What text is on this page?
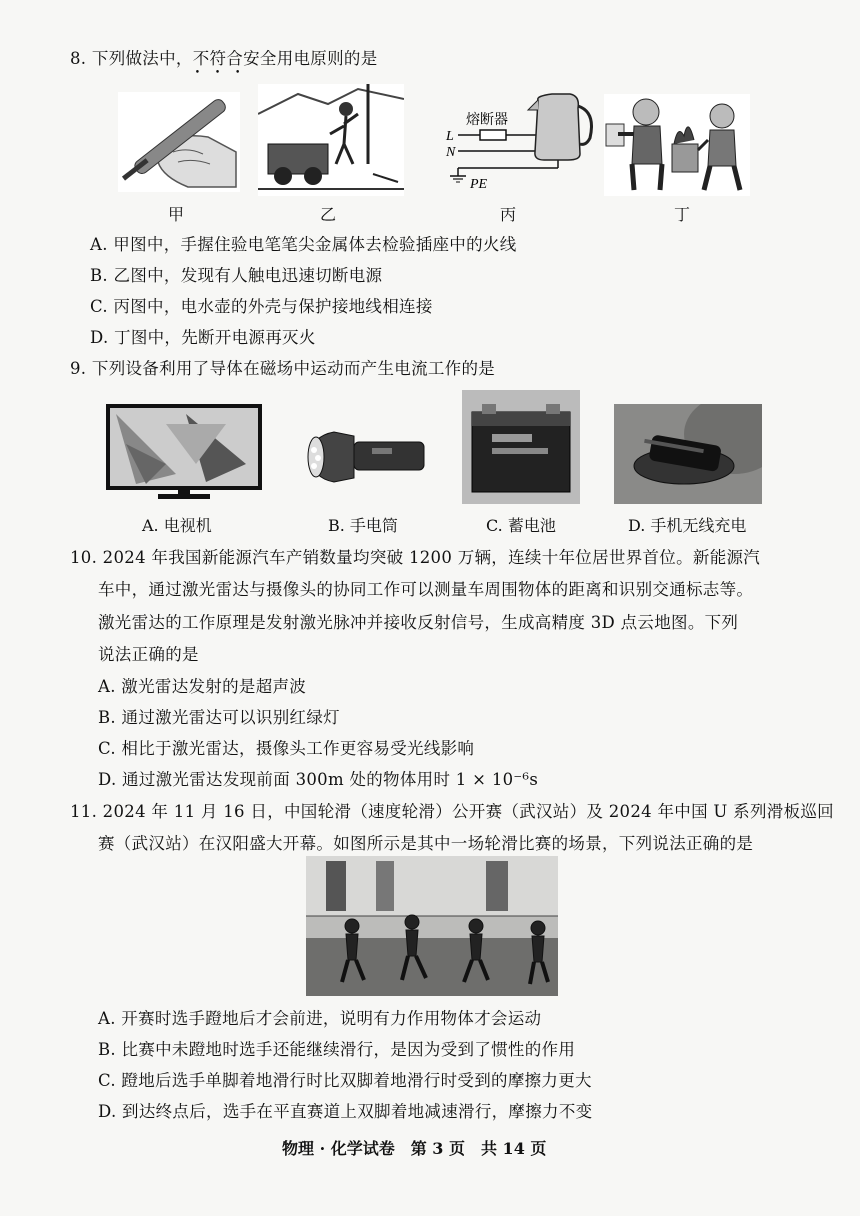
8. 下列做法中，不符合 • • •安全用电原则的是
熔断器
L
N
PE
甲	乙	丙	丁
A. 甲图中，手握住验电笔笔尖金属体去检验插座中的火线
B. 乙图中，发现有人触电迅速切断电源
C. 丙图中，电水壶的外壳与保护接地线相连接
D. 丁图中，先断开电源再灭火
9. 下列设备利用了导体在磁场中运动而产生电流工作的是
A. 电视机	B. 手电筒	C. 蓄电池	D. 手机无线充电
10. 2024 年我国新能源汽车产销数量均突破 1200 万辆，连续十年位居世界首位。新能源汽
车中，通过激光雷达与摄像头的协同工作可以测量车周围物体的距离和识别交通标志等。
激光雷达的工作原理是发射激光脉冲并接收反射信号，生成高精度 3D 点云地图。下列
说法正确的是
A. 激光雷达发射的是超声波
B. 通过激光雷达可以识别红绿灯
C. 相比于激光雷达，摄像头工作更容易受光线影响
D. 通过激光雷达发现前面 300m 处的物体用时 1 × 10⁻⁶s
11. 2024 年 11 月 16 日，中国轮滑（速度轮滑）公开赛（武汉站）及 2024 年中国 U 系列滑板巡回
赛（武汉站）在汉阳盛大开幕。如图所示是其中一场轮滑比赛的场景，下列说法正确的是
A. 开赛时选手蹬地后才会前进，说明有力作用物体才会运动
B. 比赛中未蹬地时选手还能继续滑行，是因为受到了惯性的作用
C. 蹬地后选手单脚着地滑行时比双脚着地滑行时受到的摩擦力更大
D. 到达终点后，选手在平直赛道上双脚着地减速滑行，摩擦力不变
物理 · 化学试卷　第 3 页　共 14 页
